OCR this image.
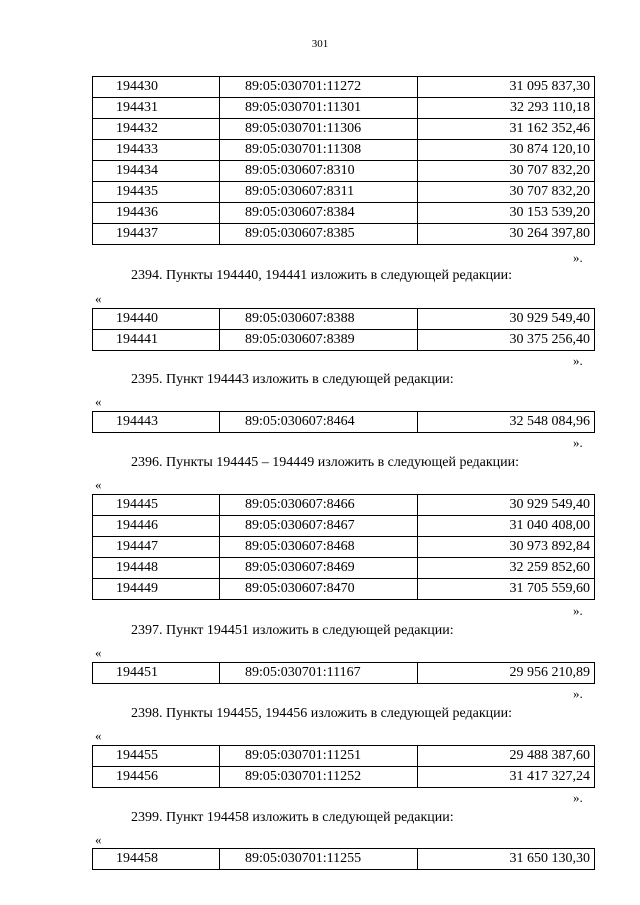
301
194430	89:05:030701:11272	31 095 837,30
194431	89:05:030701:11301	32 293 110,18
194432	89:05:030701:11306	31 162 352,46
194433	89:05:030701:11308	30 874 120,10
194434	89:05:030607:8310	30 707 832,20
194435	89:05:030607:8311	30 707 832,20
194436	89:05:030607:8384	30 153 539,20
194437	89:05:030607:8385	30 264 397,80
».
2394. Пункты 194440, 194441 изложить в следующей редакции:
«
194440	89:05:030607:8388	30 929 549,40
194441	89:05:030607:8389	30 375 256,40
».
2395. Пункт 194443 изложить в следующей редакции:
«
194443	89:05:030607:8464	32 548 084,96
».
2396. Пункты 194445 – 194449 изложить в следующей редакции:
«
194445	89:05:030607:8466	30 929 549,40
194446	89:05:030607:8467	31 040 408,00
194447	89:05:030607:8468	30 973 892,84
194448	89:05:030607:8469	32 259 852,60
194449	89:05:030607:8470	31 705 559,60
».
2397. Пункт 194451 изложить в следующей редакции:
«
194451	89:05:030701:11167	29 956 210,89
».
2398. Пункты 194455, 194456 изложить в следующей редакции:
«
194455	89:05:030701:11251	29 488 387,60
194456	89:05:030701:11252	31 417 327,24
».
2399. Пункт 194458 изложить в следующей редакции:
«
194458	89:05:030701:11255	31 650 130,30
